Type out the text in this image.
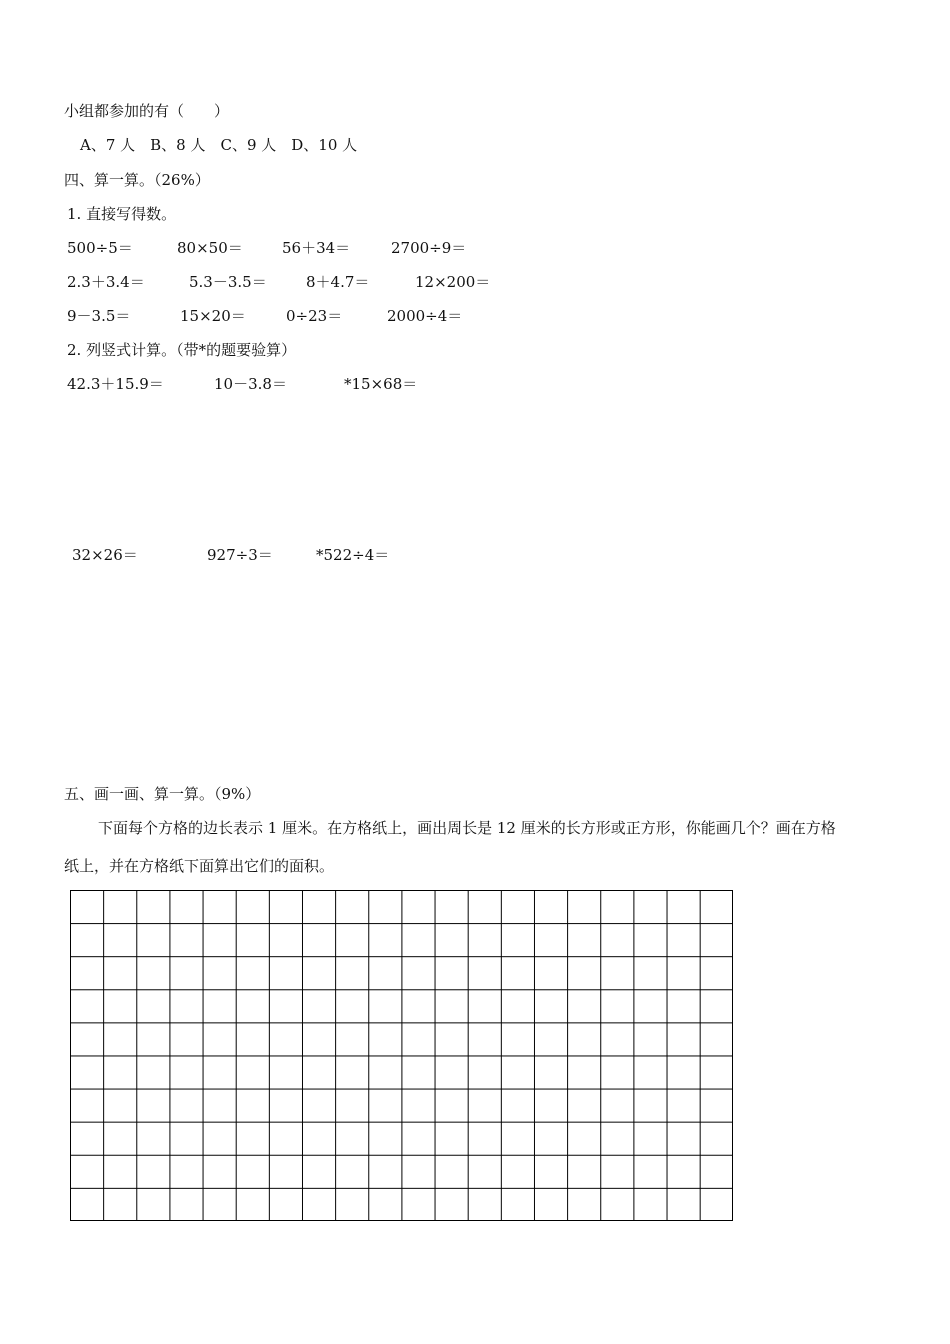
小组都参加的有（　　）
A、7 人　B、8 人　C、9 人　D、10 人
四、算一算。（26%）
1. 直接写得数。
500÷5＝	80×50＝	56＋34＝	2700÷9＝
2.3＋3.4＝	5.3－3.5＝	8＋4.7＝	12×200＝
9－3.5＝	15×20＝	0÷23＝	2000÷4＝
2. 列竖式计算。（带*的题要验算）
42.3＋15.9＝	10－3.8＝	*15×68＝
32×26＝	927÷3＝	*522÷4＝
五、画一画、算一算。（9%）
下面每个方格的边长表示 1 厘米。在方格纸上，画出周长是 12 厘米的长方形或正方形，你能画几个？画在方格
纸上，并在方格纸下面算出它们的面积。
